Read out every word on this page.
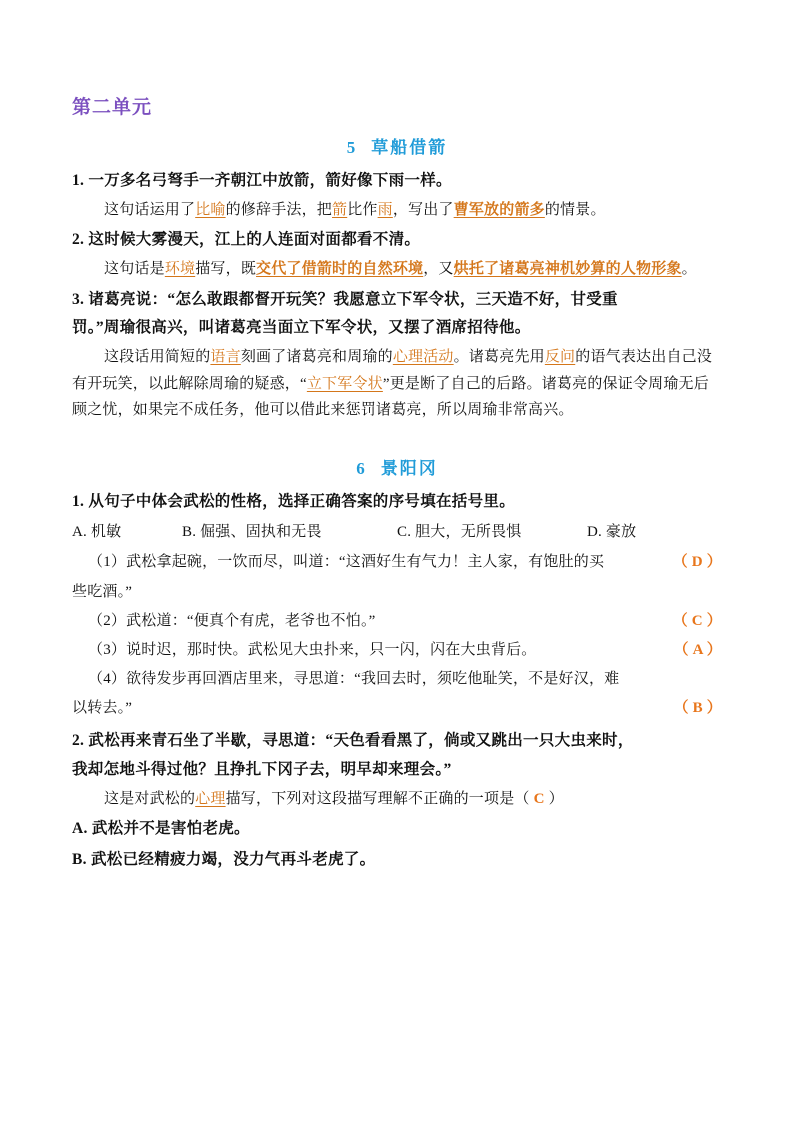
第二单元
5 草船借箭
1. 一万多名弓弩手一齐朝江中放箭，箭好像下雨一样。
这句话运用了比喻的修辞手法，把箭比作雨，写出了曹军放的箭多的情景。
2. 这时候大雾漫天，江上的人连面对面都看不清。
这句话是环境描写，既交代了借箭时的自然环境，又烘托了诸葛亮神机妙算的人物形象。
3. 诸葛亮说：“怎么敢跟都督开玩笑？我愿意立下军令状，三天造不好，甘受重
罚。”周瑜很高兴，叫诸葛亮当面立下军令状，又摆了酒席招待他。
这段话用简短的语言刻画了诸葛亮和周瑜的心理活动。诸葛亮先用反问的语气表达出自己没有开玩笑，以此解除周瑜的疑惑，“立下军令状”更是断了自己的后路。诸葛亮的保证令周瑜无后顾之忧，如果完不成任务，他可以借此来惩罚诸葛亮，所以周瑜非常高兴。
6 景阳冈
1. 从句子中体会武松的性格，选择正确答案的序号填在括号里。
A. 机敏	B. 倔强、固执和无畏	C. 胆大，无所畏惧	D. 豪放
（1）武松拿起碗，一饮而尽，叫道：“这酒好生有气力！主人家，有饱肚的买	（ D ）
些吃酒。”
（2）武松道：“便真个有虎，老爷也不怕。”	（ C ）
（3）说时迟，那时快。武松见大虫扑来，只一闪，闪在大虫背后。	（ A ）
（4）欲待发步再回酒店里来，寻思道：“我回去时，须吃他耻笑，不是好汉，难
以转去。”	（ B ）
2. 武松再来青石坐了半歇，寻思道：“天色看看黑了，倘或又跳出一只大虫来时，
我却怎地斗得过他？且挣扎下冈子去，明早却来理会。”
这是对武松的心理描写，下列对这段描写理解不正确的一项是（ C ）
A. 武松并不是害怕老虎。
B. 武松已经精疲力竭，没力气再斗老虎了。
